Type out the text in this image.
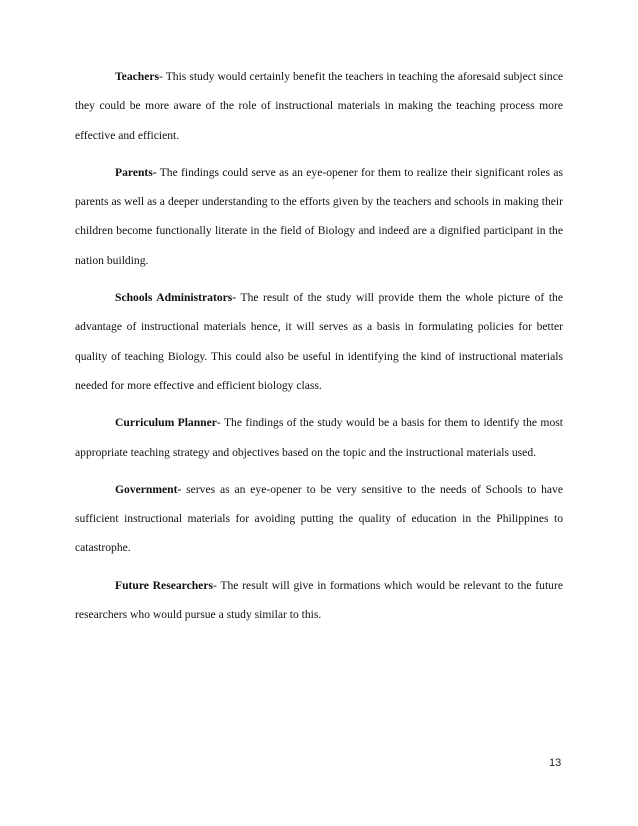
Teachers- This study would certainly benefit the teachers in teaching the aforesaid subject since they could be more aware of the role of instructional materials in making the teaching process more effective and efficient.

Parents- The findings could serve as an eye-opener for them to realize their significant roles as parents as well as a deeper understanding to the efforts given by the teachers and schools in making their children become functionally literate in the field of Biology and indeed are a dignified participant in the nation building.

Schools Administrators- The result of the study will provide them the whole picture of the advantage of instructional materials hence, it will serves as a basis in formulating policies for better quality of teaching Biology. This could also be useful in identifying the kind of instructional materials needed for more effective and efficient biology class.

Curriculum Planner- The findings of the study would be a basis for them to identify the most appropriate teaching strategy and objectives based on the topic and the instructional materials used.

Government- serves as an eye-opener to be very sensitive to the needs of Schools to have sufficient instructional materials for avoiding putting the quality of education in the Philippines to catastrophe.

Future Researchers- The result will give in formations which would be relevant to the future researchers who would pursue a study similar to this.

13
